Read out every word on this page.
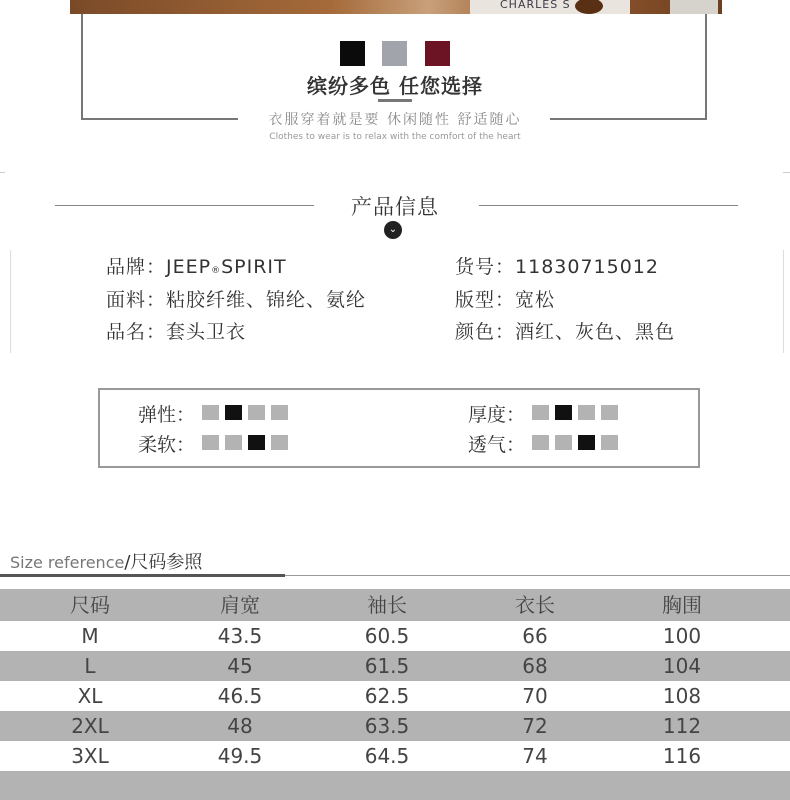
CHARLES S
缤纷多色 任您选择
衣服穿着就是要 休闲随性 舒适随心
Clothes to wear is to relax with the comfort of the heart
产品信息
⌄
品牌：JEEP®SPIRIT	货号：11830715012
面料：粘胶纤维、锦纶、氨纶	版型：宽松
品名：套头卫衣	颜色：酒红、灰色、黑色
弹性：	厚度：
柔软：	透气：
Size reference/尺码参照
尺码	肩宽	袖长	衣长	胸围
M	43.5	60.5	66	100
L	45	61.5	68	104
XL	46.5	62.5	70	108
2XL	48	63.5	72	112
3XL	49.5	64.5	74	116
